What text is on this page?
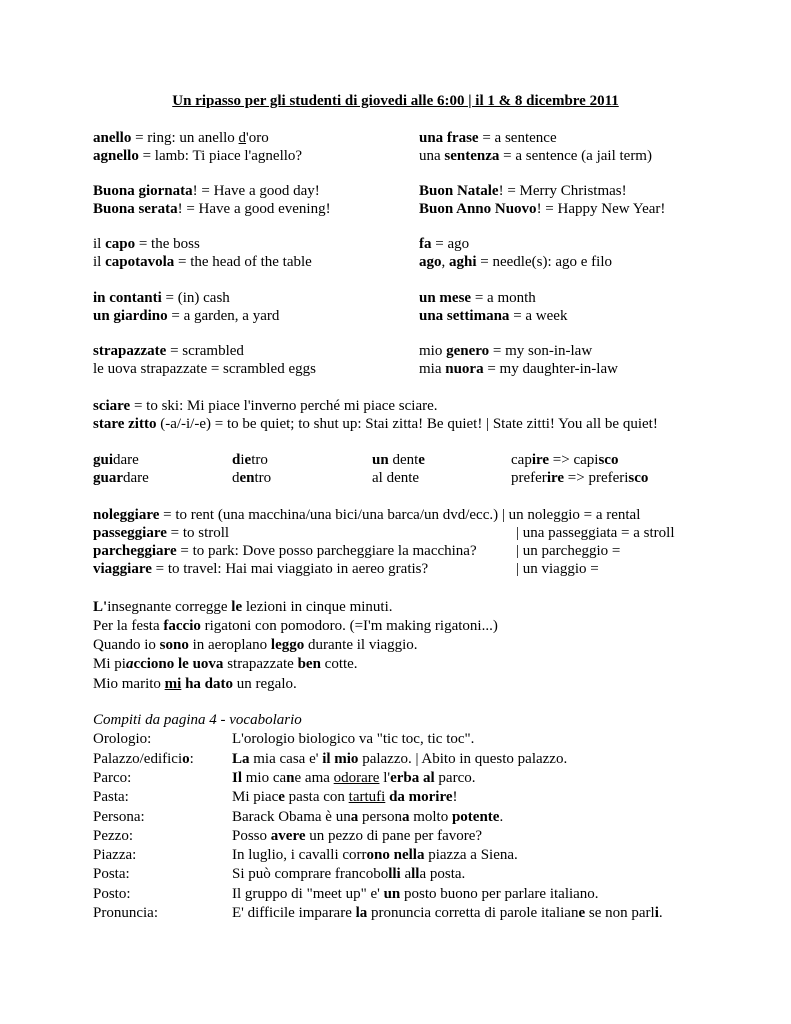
Un ripasso per gli studenti di giovedi alle 6:00 | il 1 & 8 dicembre 2011
anello = ring: un anello d'oro	una frase = a sentence
agnello = lamb: Ti piace l'agnello?	una sentenza = a sentence (a jail term)
Buona giornata! = Have a good day!	Buon Natale! = Merry Christmas!
Buona serata! = Have a good evening!	Buon Anno Nuovo! = Happy New Year!
il capo = the boss	fa = ago
il capotavola = the head of the table	ago, aghi = needle(s): ago e filo
in contanti = (in) cash	un mese = a month
un giardino = a garden, a yard	una settimana = a week
strapazzate = scrambled	mio genero = my son-in-law
le uova strapazzate = scrambled eggs	mia nuora = my daughter-in-law
sciare = to ski: Mi piace l'inverno perché mi piace sciare.
stare zitto (-a/-i/-e) = to be quiet; to shut up: Stai zitta! Be quiet! | State zitti! You all be quiet!
guidare	dietro	un dente	capire => capisco
guardare	dentro	al dente	preferire => preferisco
noleggiare = to rent (una macchina/una bici/una barca/un dvd/ecc.) | un noleggio = a rental
passeggiare = to stroll	| una passeggiata = a stroll
parcheggiare = to park: Dove posso parcheggiare la macchina?	| un parcheggio =
viaggiare = to travel: Hai mai viaggiato in aereo gratis?	| un viaggio =
L'insegnante corregge le lezioni in cinque minuti.
Per la festa faccio rigatoni con pomodoro. (=I'm making rigatoni...)
Quando io sono in aeroplano leggo durante il viaggio.
Mi piacciono le uova strapazzate ben cotte.
Mio marito mi ha dato un regalo.
Compiti da pagina 4 - vocabolario
Orologio:	L'orologio biologico va "tic toc, tic toc".
Palazzo/edificio:	La mia casa e' il mio palazzo. | Abito in questo palazzo.
Parco:	Il mio cane ama odorare l'erba al parco.
Pasta:	Mi piace pasta con tartufi da morire!
Persona:	Barack Obama è una persona molto potente.
Pezzo:	Posso avere un pezzo di pane per favore?
Piazza:	In luglio, i cavalli corrono nella piazza a Siena.
Posta:	Si può comprare francobolli alla posta.
Posto:	Il gruppo di "meet up" e' un posto buono per parlare italiano.
Pronuncia:	E' difficile imparare la pronuncia corretta di parole italiane se non parli.
